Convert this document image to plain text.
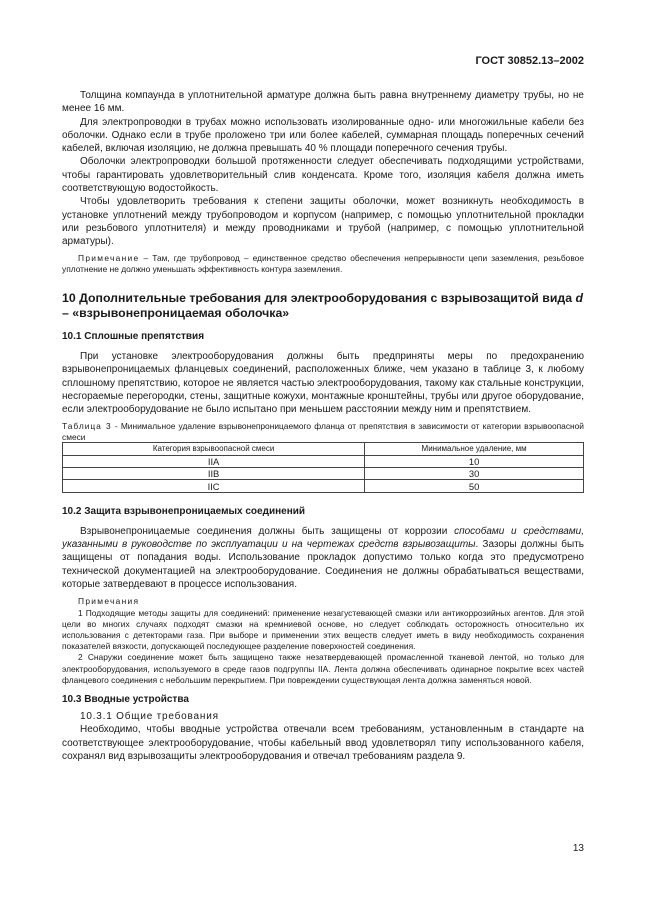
ГОСТ 30852.13–2002

Толщина компаунда в уплотнительной арматуре должна быть равна внутреннему диаметру трубы, но не менее 16 мм.

Для электропроводки в трубах можно использовать изолированные одно- или многожильные кабели без оболочки. Однако если в трубе проложено три или более кабелей, суммарная площадь поперечных сечений кабелей, включая изоляцию, не должна превышать 40 % площади поперечного сечения трубы.

Оболочки электропроводки большой протяженности следует обеспечивать подходящими устройствами, чтобы гарантировать удовлетворительный слив конденсата. Кроме того, изоляция кабеля должна иметь соответствующую водостойкость.

Чтобы удовлетворить требования к степени защиты оболочки, может возникнуть необходимость в установке уплотнений между трубопроводом и корпусом (например, с помощью уплотнительной прокладки или резьбового уплотнителя) и между проводниками и трубой (например, с помощью уплотнительной арматуры).

Примечание – Там, где трубопровод – единственное средство обеспечения непрерывности цепи заземления, резьбовое уплотнение не должно уменьшать эффективность контура заземления.

10 Дополнительные требования для электрооборудования с взрывозащитой вида d – «взрывонепроницаемая оболочка»
10.1 Сплошные препятствия

При установке электрооборудования должны быть предприняты меры по предохранению взрывонепроницаемых фланцевых соединений, расположенных ближе, чем указано в таблице 3, к любому сплошному препятствию, которое не является частью электрооборудования, такому как стальные конструкции, несгораемые перегородки, стены, защитные кожухи, монтажные кронштейны, трубы или другое оборудование, если электрооборудование не было испытано при меньшем расстоянии между ним и препятствием.

Таблица 3 - Минимальное удаление взрывонепроницаемого фланца от препятствия в зависимости от категории взрывоопасной смеси

Категория взрывоопасной смеси	Минимальное удаление, мм
IIA	10
IIB	30
IIC	50
10.2 Защита взрывонепроницаемых соединений

Взрывонепроницаемые соединения должны быть защищены от коррозии способами и средствами, указанными в руководстве по эксплуатации и на чертежах средств взрывозащиты. Зазоры должны быть защищены от попадания воды. Использование прокладок допустимо только когда это предусмотрено технической документацией на электрооборудование. Соединения не должны обрабатываться веществами, которые затвердевают в процессе использования.

Примечания

1 Подходящие методы защиты для соединений: применение незагустевающей смазки или антикоррозийных агентов. Для этой цели во многих случаях подходят смазки на кремниевой основе, но следует соблюдать осторожность относительно их использования с детекторами газа. При выборе и применении этих веществ следует иметь в виду необходимость сохранения показателей вязкости, допускающей последующее разделение поверхностей соединения.

2 Снаружи соединение может быть защищено также незатвердевающей промасленной тканевой лентой, но только для электрооборудования, используемого в среде газов подгруппы IIA. Лента должна обеспечивать одинарное покрытие всех частей фланцевого соединения с небольшим перекрытием. При повреждении существующая лента должна заменяться новой.

10.3 Вводные устройства

10.3.1 Общие требования

Необходимо, чтобы вводные устройства отвечали всем требованиям, установленным в стандарте на соответствующее электрооборудование, чтобы кабельный ввод удовлетворял типу использованного кабеля, сохранял вид взрывозащиты электрооборудования и отвечал требованиям раздела 9.

13
